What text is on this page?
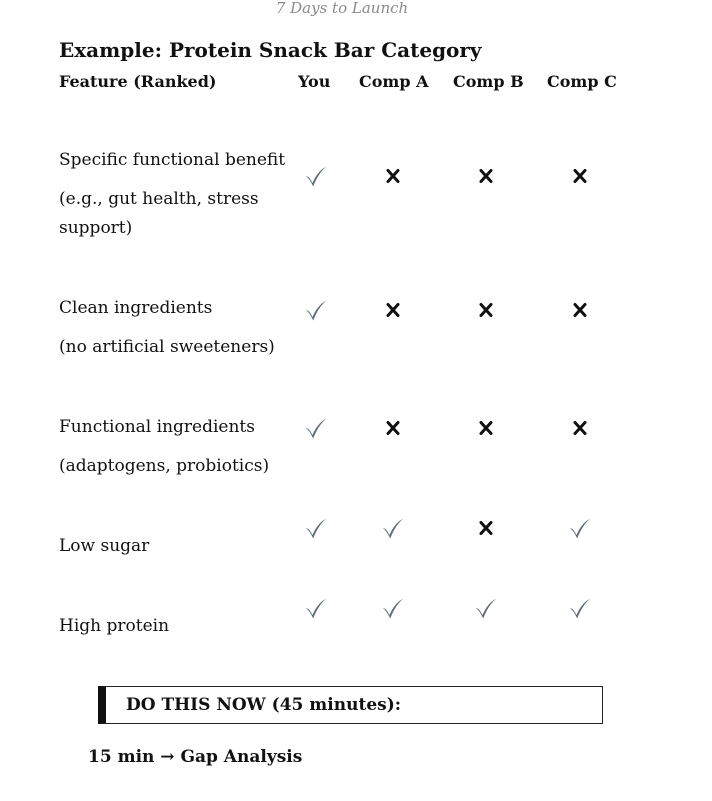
7 Days to Launch
Example: Protein Snack Bar Category
Feature (Ranked)	You Comp A Comp B Comp C
Specific functional benefit
(e.g., gut health, stress support)
Clean ingredients
(no artificial sweeteners)
Functional ingredients
(adaptogens, probiotics)
Low sugar
High protein
DO THIS NOW (45 minutes):
15 min → Gap Analysis
